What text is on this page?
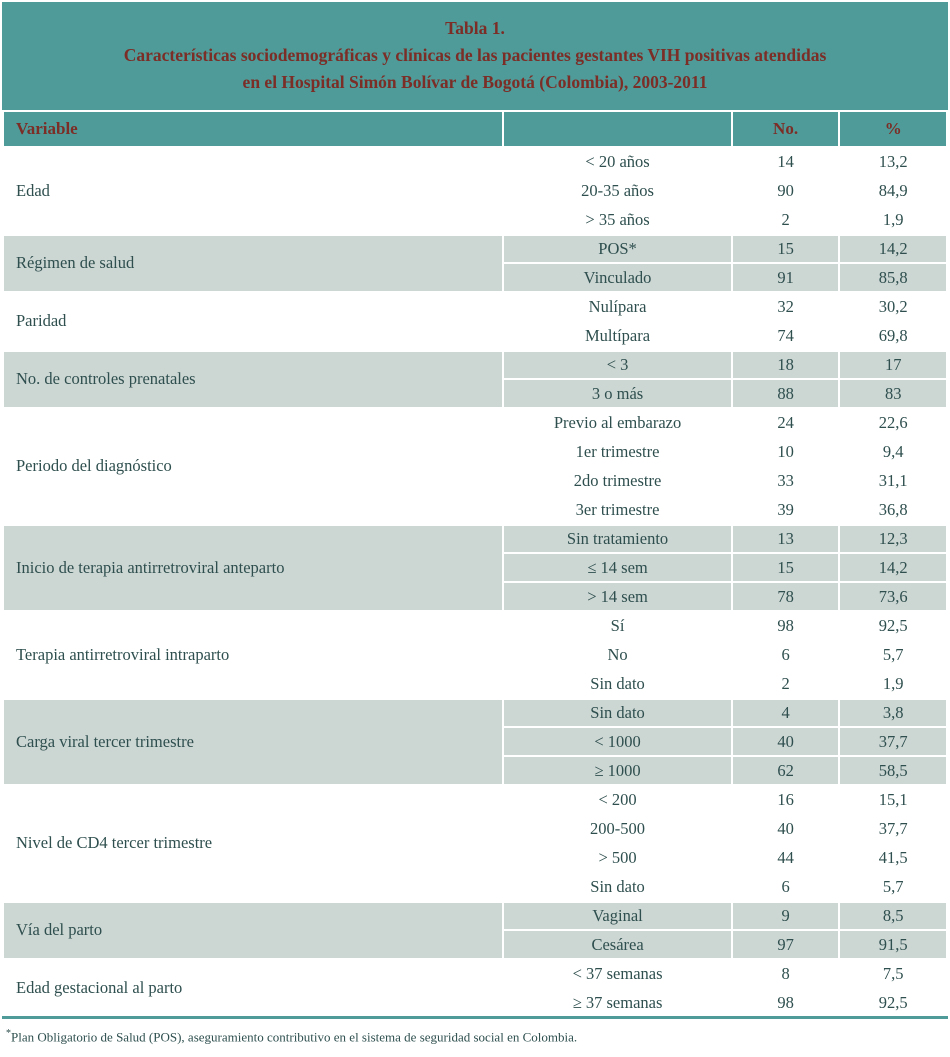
Tabla 1.
Características sociodemográficas y clínicas de las pacientes gestantes VIH positivas atendidas
en el Hospital Simón Bolívar de Bogotá (Colombia), 2003-2011
Variable		No.	%
Edad	< 20 años	14	13,2
	20-35 años	90	84,9
	> 35 años	2	1,9
Régimen de salud	POS*	15	14,2
	Vinculado	91	85,8
Paridad	Nulípara	32	30,2
	Multípara	74	69,8
No. de controles prenatales	< 3	18	17
	3 o más	88	83
Periodo del diagnóstico	Previo al embarazo	24	22,6
	1er trimestre	10	9,4
	2do trimestre	33	31,1
	3er trimestre	39	36,8
Inicio de terapia antirretroviral anteparto	Sin tratamiento	13	12,3
	≤ 14 sem	15	14,2
	> 14 sem	78	73,6
Terapia antirretroviral intraparto	Sí	98	92,5
	No	6	5,7
	Sin dato	2	1,9
Carga viral tercer trimestre	Sin dato	4	3,8
	< 1000	40	37,7
	≥ 1000	62	58,5
Nivel de CD4 tercer trimestre	< 200	16	15,1
	200-500	40	37,7
	> 500	44	41,5
	Sin dato	6	5,7
Vía del parto	Vaginal	9	8,5
	Cesárea	97	91,5
Edad gestacional al parto	< 37 semanas	8	7,5
	≥ 37 semanas	98	92,5
*Plan Obligatorio de Salud (POS), aseguramiento contributivo en el sistema de seguridad social en Colombia.
